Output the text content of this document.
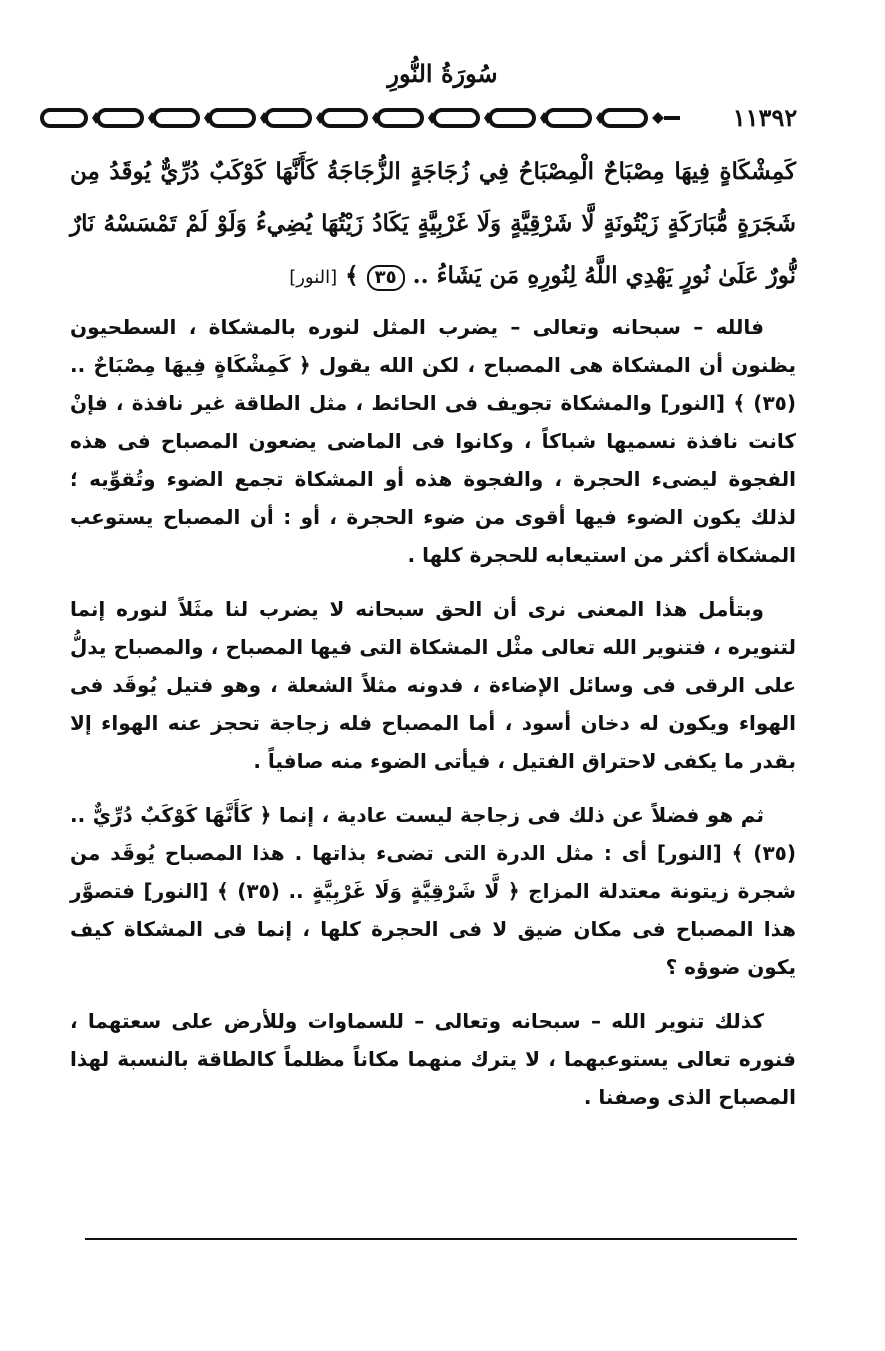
سُورَةُ النُّورِ
١١٣٩٢
كَمِشْكَاةٍ فِيهَا مِصْبَاحٌ الْمِصْبَاحُ فِي زُجَاجَةٍ الزُّجَاجَةُ كَأَنَّهَا كَوْكَبٌ دُرِّيٌّ يُوقَدُ مِن شَجَرَةٍ مُّبَارَكَةٍ زَيْتُونَةٍ لَّا شَرْقِيَّةٍ وَلَا غَرْبِيَّةٍ يَكَادُ زَيْتُهَا يُضِيءُ وَلَوْ لَمْ تَمْسَسْهُ نَارٌ نُّورٌ عَلَىٰ نُورٍ يَهْدِي اللَّهُ لِنُورِهِ مَن يَشَاءُ .. ٣٥ ﴾ [النور]

فالله – سبحانه وتعالى – يضرب المثل لنوره بالمشكاة ، السطحيون يظنون أن المشكاة هى المصباح ، لكن الله يقول ﴿ كَمِشْكَاةٍ فِيهَا مِصْبَاحٌ .. (٣٥) ﴾ [النور] والمشكاة تجويف فى الحائط ، مثل الطاقة غير نافذة ، فإنْ كانت نافذة نسميها شباكاً ، وكانوا فى الماضى يضعون المصباح فى هذه الفجوة ليضىء الحجرة ، والفجوة هذه أو المشكاة تجمع الضوء وتُقوِّيه ؛ لذلك يكون الضوء فيها أقوى من ضوء الحجرة ، أو : أن المصباح يستوعب المشكاة أكثر من استيعابه للحجرة كلها .

وبتأمل هذا المعنى نرى أن الحق سبحانه لا يضرب لنا مثَلاً لنوره إنما لتنويره ، فتنوير الله تعالى مثْل المشكاة التى فيها المصباح ، والمصباح يدلُّ على الرقى فى وسائل الإضاءة ، فدونه مثلاً الشعلة ، وهو فتيل يُوقَد فى الهواء ويكون له دخان أسود ، أما المصباح فله زجاجة تحجز عنه الهواء إلا بقدر ما يكفى لاحتراق الفتيل ، فيأتى الضوء منه صافياً .

ثم هو فضلاً عن ذلك فى زجاجة ليست عادية ، إنما ﴿ كَأَنَّهَا كَوْكَبٌ دُرِّيٌّ .. (٣٥) ﴾ [النور] أى : مثل الدرة التى تضىء بذاتها . هذا المصباح يُوقَد من شجرة زيتونة معتدلة المزاج ﴿ لَّا شَرْقِيَّةٍ وَلَا غَرْبِيَّةٍ .. (٣٥) ﴾ [النور] فتصوَّر هذا المصباح فى مكان ضيق لا فى الحجرة كلها ، إنما فى المشكاة كيف يكون ضوؤه ؟

كذلك تنوير الله – سبحانه وتعالى – للسماوات وللأرض على سعتهما ، فنوره تعالى يستوعبهما ، لا يترك منهما مكاناً مظلماً كالطاقة بالنسبة لهذا المصباح الذى وصفنا .
